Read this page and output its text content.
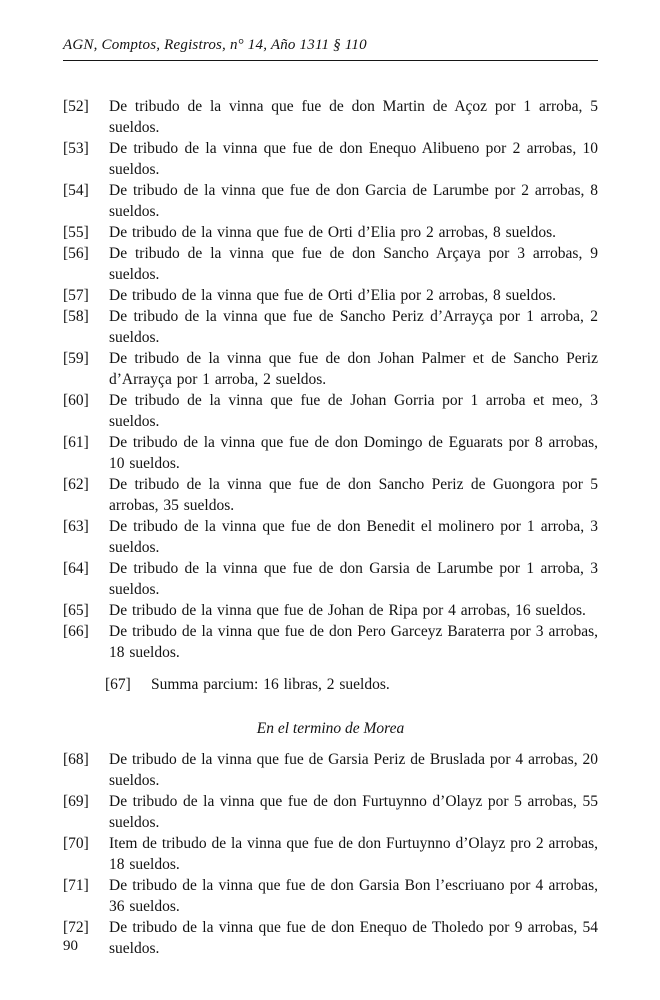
AGN, Comptos, Registros, n° 14, Año 1311 § 110
[52] De tribudo de la vinna que fue de don Martin de Açoz por 1 arroba, 5 sueldos.
[53] De tribudo de la vinna que fue de don Enequo Alibueno por 2 arrobas, 10 sueldos.
[54] De tribudo de la vinna que fue de don Garcia de Larumbe por 2 arrobas, 8 sueldos.
[55] De tribudo de la vinna que fue de Orti d’Elia pro 2 arrobas, 8 sueldos.
[56] De tribudo de la vinna que fue de don Sancho Arçaya por 3 arrobas, 9 sueldos.
[57] De tribudo de la vinna que fue de Orti d’Elia por 2 arrobas, 8 sueldos.
[58] De tribudo de la vinna que fue de Sancho Periz d’Arrayça por 1 arroba, 2 sueldos.
[59] De tribudo de la vinna que fue de don Johan Palmer et de Sancho Periz d’Arrayça por 1 arroba, 2 sueldos.
[60] De tribudo de la vinna que fue de Johan Gorria por 1 arroba et meo, 3 sueldos.
[61] De tribudo de la vinna que fue de don Domingo de Eguarats por 8 arrobas, 10 sueldos.
[62] De tribudo de la vinna que fue de don Sancho Periz de Guongora por 5 arrobas, 35 sueldos.
[63] De tribudo de la vinna que fue de don Benedit el molinero por 1 arroba, 3 sueldos.
[64] De tribudo de la vinna que fue de don Garsia de Larumbe por 1 arroba, 3 sueldos.
[65] De tribudo de la vinna que fue de Johan de Ripa por 4 arrobas, 16 sueldos.
[66] De tribudo de la vinna que fue de don Pero Garceyz Baraterra por 3 arrobas, 18 sueldos.
[67] Summa parcium: 16 libras, 2 sueldos.
En el termino de Morea
[68] De tribudo de la vinna que fue de Garsia Periz de Bruslada por 4 arrobas, 20 sueldos.
[69] De tribudo de la vinna que fue de don Furtuynno d’Olayz por 5 arrobas, 55 sueldos.
[70] Item de tribudo de la vinna que fue de don Furtuynno d’Olayz pro 2 arrobas, 18 sueldos.
[71] De tribudo de la vinna que fue de don Garsia Bon l’escriuano por 4 arrobas, 36 sueldos.
[72] De tribudo de la vinna que fue de don Enequo de Tholedo por 9 arrobas, 54 sueldos.
90
